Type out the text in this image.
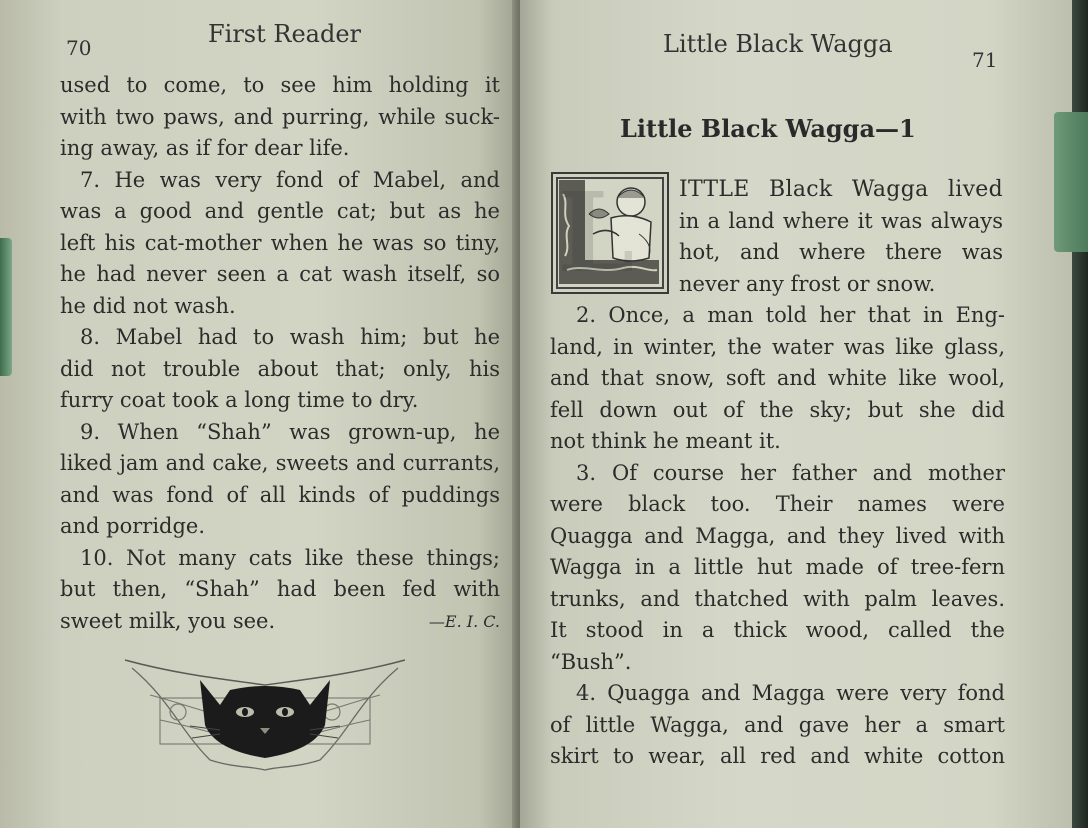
70	First Reader
used to come, to see him holding it
with two paws, and purring, while suck-
ing away, as if for dear life.
7. He was very fond of Mabel, and
was a good and gentle cat; but as he
left his cat-mother when he was so tiny,
he had never seen a cat wash itself, so
he did not wash.
8. Mabel had to wash him; but he
did not trouble about that; only, his
furry coat took a long time to dry.
9. When “Shah” was grown-up, he
liked jam and cake, sweets and currants,
and was fond of all kinds of puddings
and porridge.
10. Not many cats like these things;
but then, “Shah” had been fed with
sweet milk, you see.	—E. I. C.
Little Black Wagga
71
Little Black Wagga—1
L ITTLE Black Wagga lived
in a land where it was always
hot, and where there was
never any frost or snow.
2. Once, a man told her that in Eng-
land, in winter, the water was like glass,
and that snow, soft and white like wool,
fell down out of the sky; but she did
not think he meant it.
3. Of course her father and mother
were black too. Their names were
Quagga and Magga, and they lived with
Wagga in a little hut made of tree-fern
trunks, and thatched with palm leaves.
It stood in a thick wood, called the
“Bush”.
4. Quagga and Magga were very fond
of little Wagga, and gave her a smart
skirt to wear, all red and white cotton
